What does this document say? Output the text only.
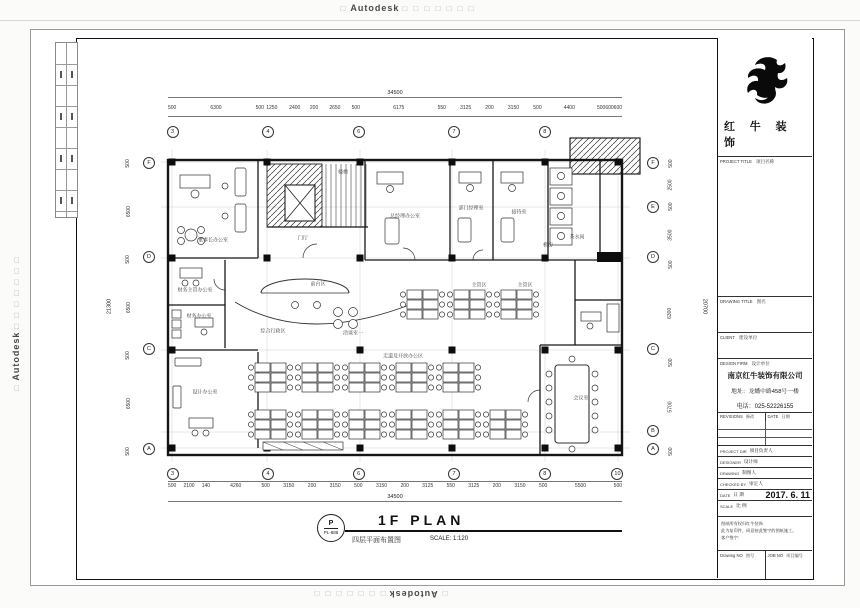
□ Autodesk □ □ □ □ □ □ □
□Autodesk□ □ □ □ □ □ □
□Autodesk□ □ □ □ □ □ □
34500
500	6300	500 1250	2400	200	2650	500	6175	550	3125	200	3150	500	4400	500 600 600
3	4	6	7	8
3	4	6	7	8	10
500	2100	140	4260	500	3150	200	3150	500	3150	200	3125	550	3125	200	3150	500	5500	500
34500
21300
500
6500
500
6500
500
6500
500
F
D
C
A
F
E
D
C
B
A
500
2500
500
3500
500
6300
500
5700
500
20700
董事长办公室
楼梯
门厅
总经理办公室
部门经理室
接待室
机房
茶水间
前台区
综合行政区	洽谈室一
财务主管办公室
财务办公室
设计办公室
走道及开放办公区
主管区	主管区
会议室
P
PL-888
1F PLAN
四层平面布置图	SCALE: 1:120
红 牛 装 饰
PROJECT TITLE 项目名称
DRAWING TITLE 图名
CLIENT 建设单位
DESIGN FIRM 设计单位
南京红牛装饰有限公司
地址：龙蟠中路458号一楼
电话：025-52226155
REVISIONS 修改	DATE 日期
PROJECT DIR 项目负责人
DESIGNER 设计师
DRAWING 制图人
CHECKED BY 审定人
DATE 日 期 2017. 6. 11
SCALE 比 例
图纸所有权归红牛装饰
此为复印件，同意按此签字的图纸施工。
客户签字：
Drawing NO 图号	JOB NO 项目编号
